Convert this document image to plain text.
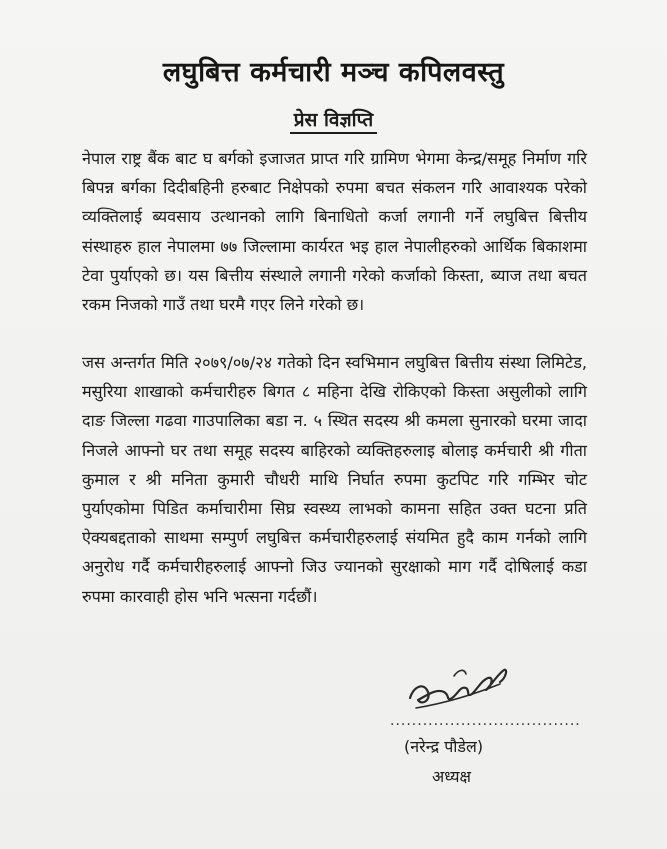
लघुबित्त कर्मचारी मञ्च कपिलवस्तु
प्रेस विज्ञप्ति

नेपाल राष्ट्र बैंक बाट घ बर्गको इजाजत प्राप्त गरि ग्रामिण भेगमा केन्द्र/समूह निर्माण गरि बिपन्न बर्गका दिदीबहिनी हरुबाट निक्षेपको रुपमा बचत संकलन गरि आवाश्यक परेको व्यक्तिलाई ब्यवसाय उत्थानको लागि बिनाधितो कर्जा लगानी गर्ने लघुबित्त बित्तीय संस्थाहरु हाल नेपालमा ७७ जिल्लामा कार्यरत भइ हाल नेपालीहरुको आर्थिक बिकाशमा टेवा पुर्याएको छ। यस बित्तीय संस्थाले लगानी गरेको कर्जाको किस्ता, ब्याज तथा बचत रकम निजको गाउँ तथा घरमै गएर लिने गरेको छ।

जस अन्तर्गत मिति २०७९/०७/२४ गतेको दिन स्वभिमान लघुबित्त बित्तीय संस्था लिमिटेड, मसुरिया शाखाको कर्मचारीहरु बिगत ८ महिना देखि रोकिएको किस्ता असुलीको लागि दाङ जिल्ला गढवा गाउपालिका बडा न. ५ स्थित सदस्य श्री कमला सुनारको घरमा जादा निजले आफ्नो घर तथा समूह सदस्य बाहिरको व्यक्तिहरुलाइ बोलाइ कर्मचारी श्री गीता कुमाल र श्री मनिता कुमारी चौधरी माथि निर्घात रुपमा कुटपिट गरि गम्भिर चोट पुर्याएकोमा पिडित कर्माचारीमा सिघ्र स्वस्थ्य लाभको कामना सहित उक्त घटना प्रति ऐक्यबद्दताको साथमा सम्पुर्ण लघुबित्त कर्मचारीहरुलाई संयमित हुदै काम गर्नको लागि अनुरोध गर्दै कर्मचारीहरुलाई आफ्नो जिउ ज्यानको सुरक्षाको माग गर्दै दोषिलाई कडा रुपमा कारवाही होस भनि भत्सना गर्दछौं।

...................................
(नरेन्द्र पौडेल)
अध्यक्ष
